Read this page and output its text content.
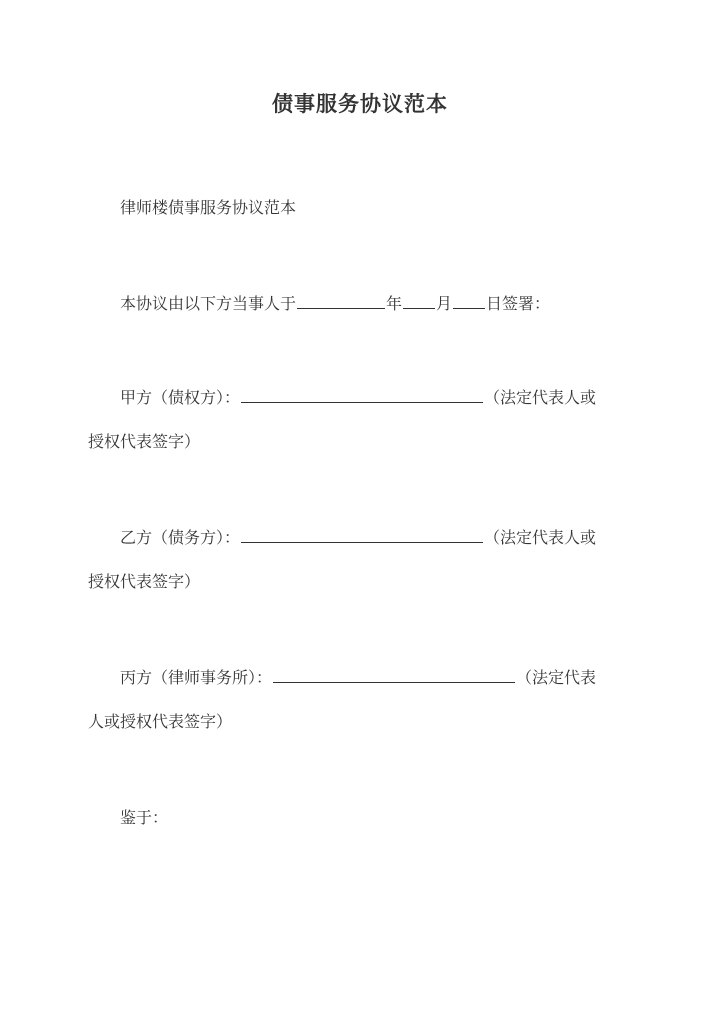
债事服务协议范本
律师楼债事服务协议范本
本协议由以下方当事人于	年 月 日签署：
甲方（债权方）：	（法定代表人或
授权代表签字）
乙方（债务方）：	（法定代表人或
授权代表签字）
丙方（律师事务所）：	（法定代表
人或授权代表签字）
鉴于：
